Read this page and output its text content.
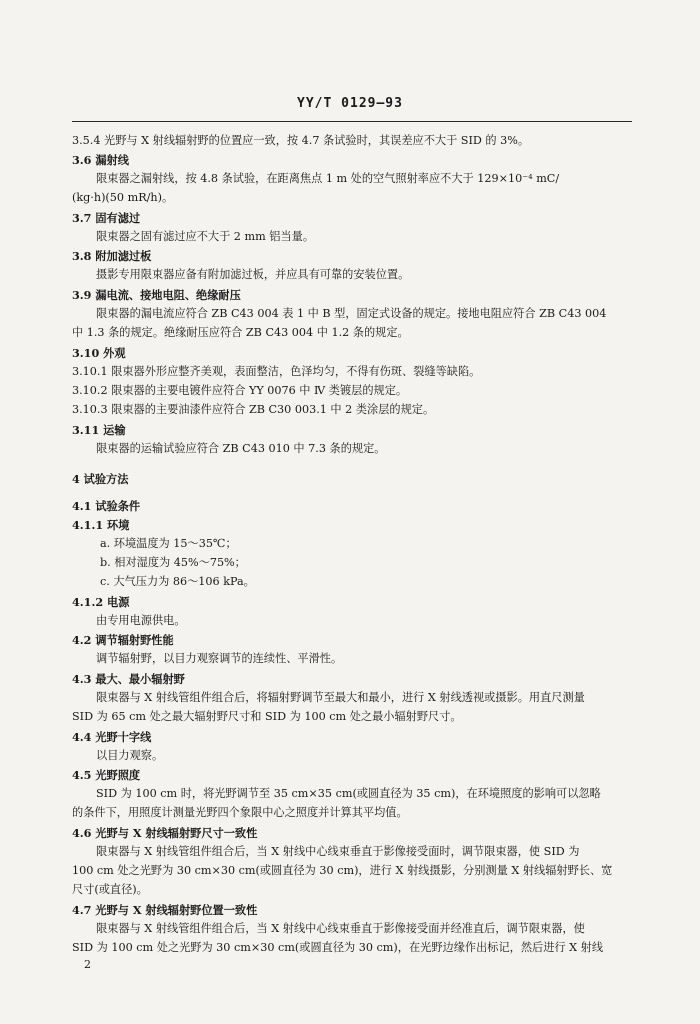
YY/T 0129—93
3.5.4 光野与 X 射线辐射野的位置应一致，按 4.7 条试验时，其误差应不大于 SID 的 3%。
3.6 漏射线
限束器之漏射线，按 4.8 条试验，在距离焦点 1 m 处的空气照射率应不大于 129×10⁻⁴ mC/
(kg·h)(50 mR/h)。
3.7 固有滤过
限束器之固有滤过应不大于 2 mm 铝当量。
3.8 附加滤过板
摄影专用限束器应备有附加滤过板，并应具有可靠的安装位置。
3.9 漏电流、接地电阻、绝缘耐压
限束器的漏电流应符合 ZB C43 004 表 1 中 B 型，固定式设备的规定。接地电阻应符合 ZB C43 004
中 1.3 条的规定。绝缘耐压应符合 ZB C43 004 中 1.2 条的规定。
3.10 外观
3.10.1 限束器外形应整齐美观，表面整洁，色泽均匀，不得有伤斑、裂缝等缺陷。
3.10.2 限束器的主要电镀件应符合 YY 0076 中 Ⅳ 类镀层的规定。
3.10.3 限束器的主要油漆件应符合 ZB C30 003.1 中 2 类涂层的规定。
3.11 运输
限束器的运输试验应符合 ZB C43 010 中 7.3 条的规定。
4 试验方法
4.1 试验条件
4.1.1 环境
a. 环境温度为 15～35℃；
b. 相对湿度为 45%～75%；
c. 大气压力为 86～106 kPa。
4.1.2 电源
由专用电源供电。
4.2 调节辐射野性能
调节辐射野，以目力观察调节的连续性、平滑性。
4.3 最大、最小辐射野
限束器与 X 射线管组件组合后，将辐射野调节至最大和最小，进行 X 射线透视或摄影。用直尺测量
SID 为 65 cm 处之最大辐射野尺寸和 SID 为 100 cm 处之最小辐射野尺寸。
4.4 光野十字线
以目力观察。
4.5 光野照度
SID 为 100 cm 时，将光野调节至 35 cm×35 cm(或圆直径为 35 cm)，在环境照度的影响可以忽略
的条件下，用照度计测量光野四个象限中心之照度并计算其平均值。
4.6 光野与 X 射线辐射野尺寸一致性
限束器与 X 射线管组件组合后，当 X 射线中心线束垂直于影像接受面时，调节限束器，使 SID 为
100 cm 处之光野为 30 cm×30 cm(或圆直径为 30 cm)，进行 X 射线摄影，分别测量 X 射线辐射野长、宽
尺寸(或直径)。
4.7 光野与 X 射线辐射野位置一致性
限束器与 X 射线管组件组合后，当 X 射线中心线束垂直于影像接受面并经准直后，调节限束器，使
SID 为 100 cm 处之光野为 30 cm×30 cm(或圆直径为 30 cm)，在光野边缘作出标记，然后进行 X 射线
2
